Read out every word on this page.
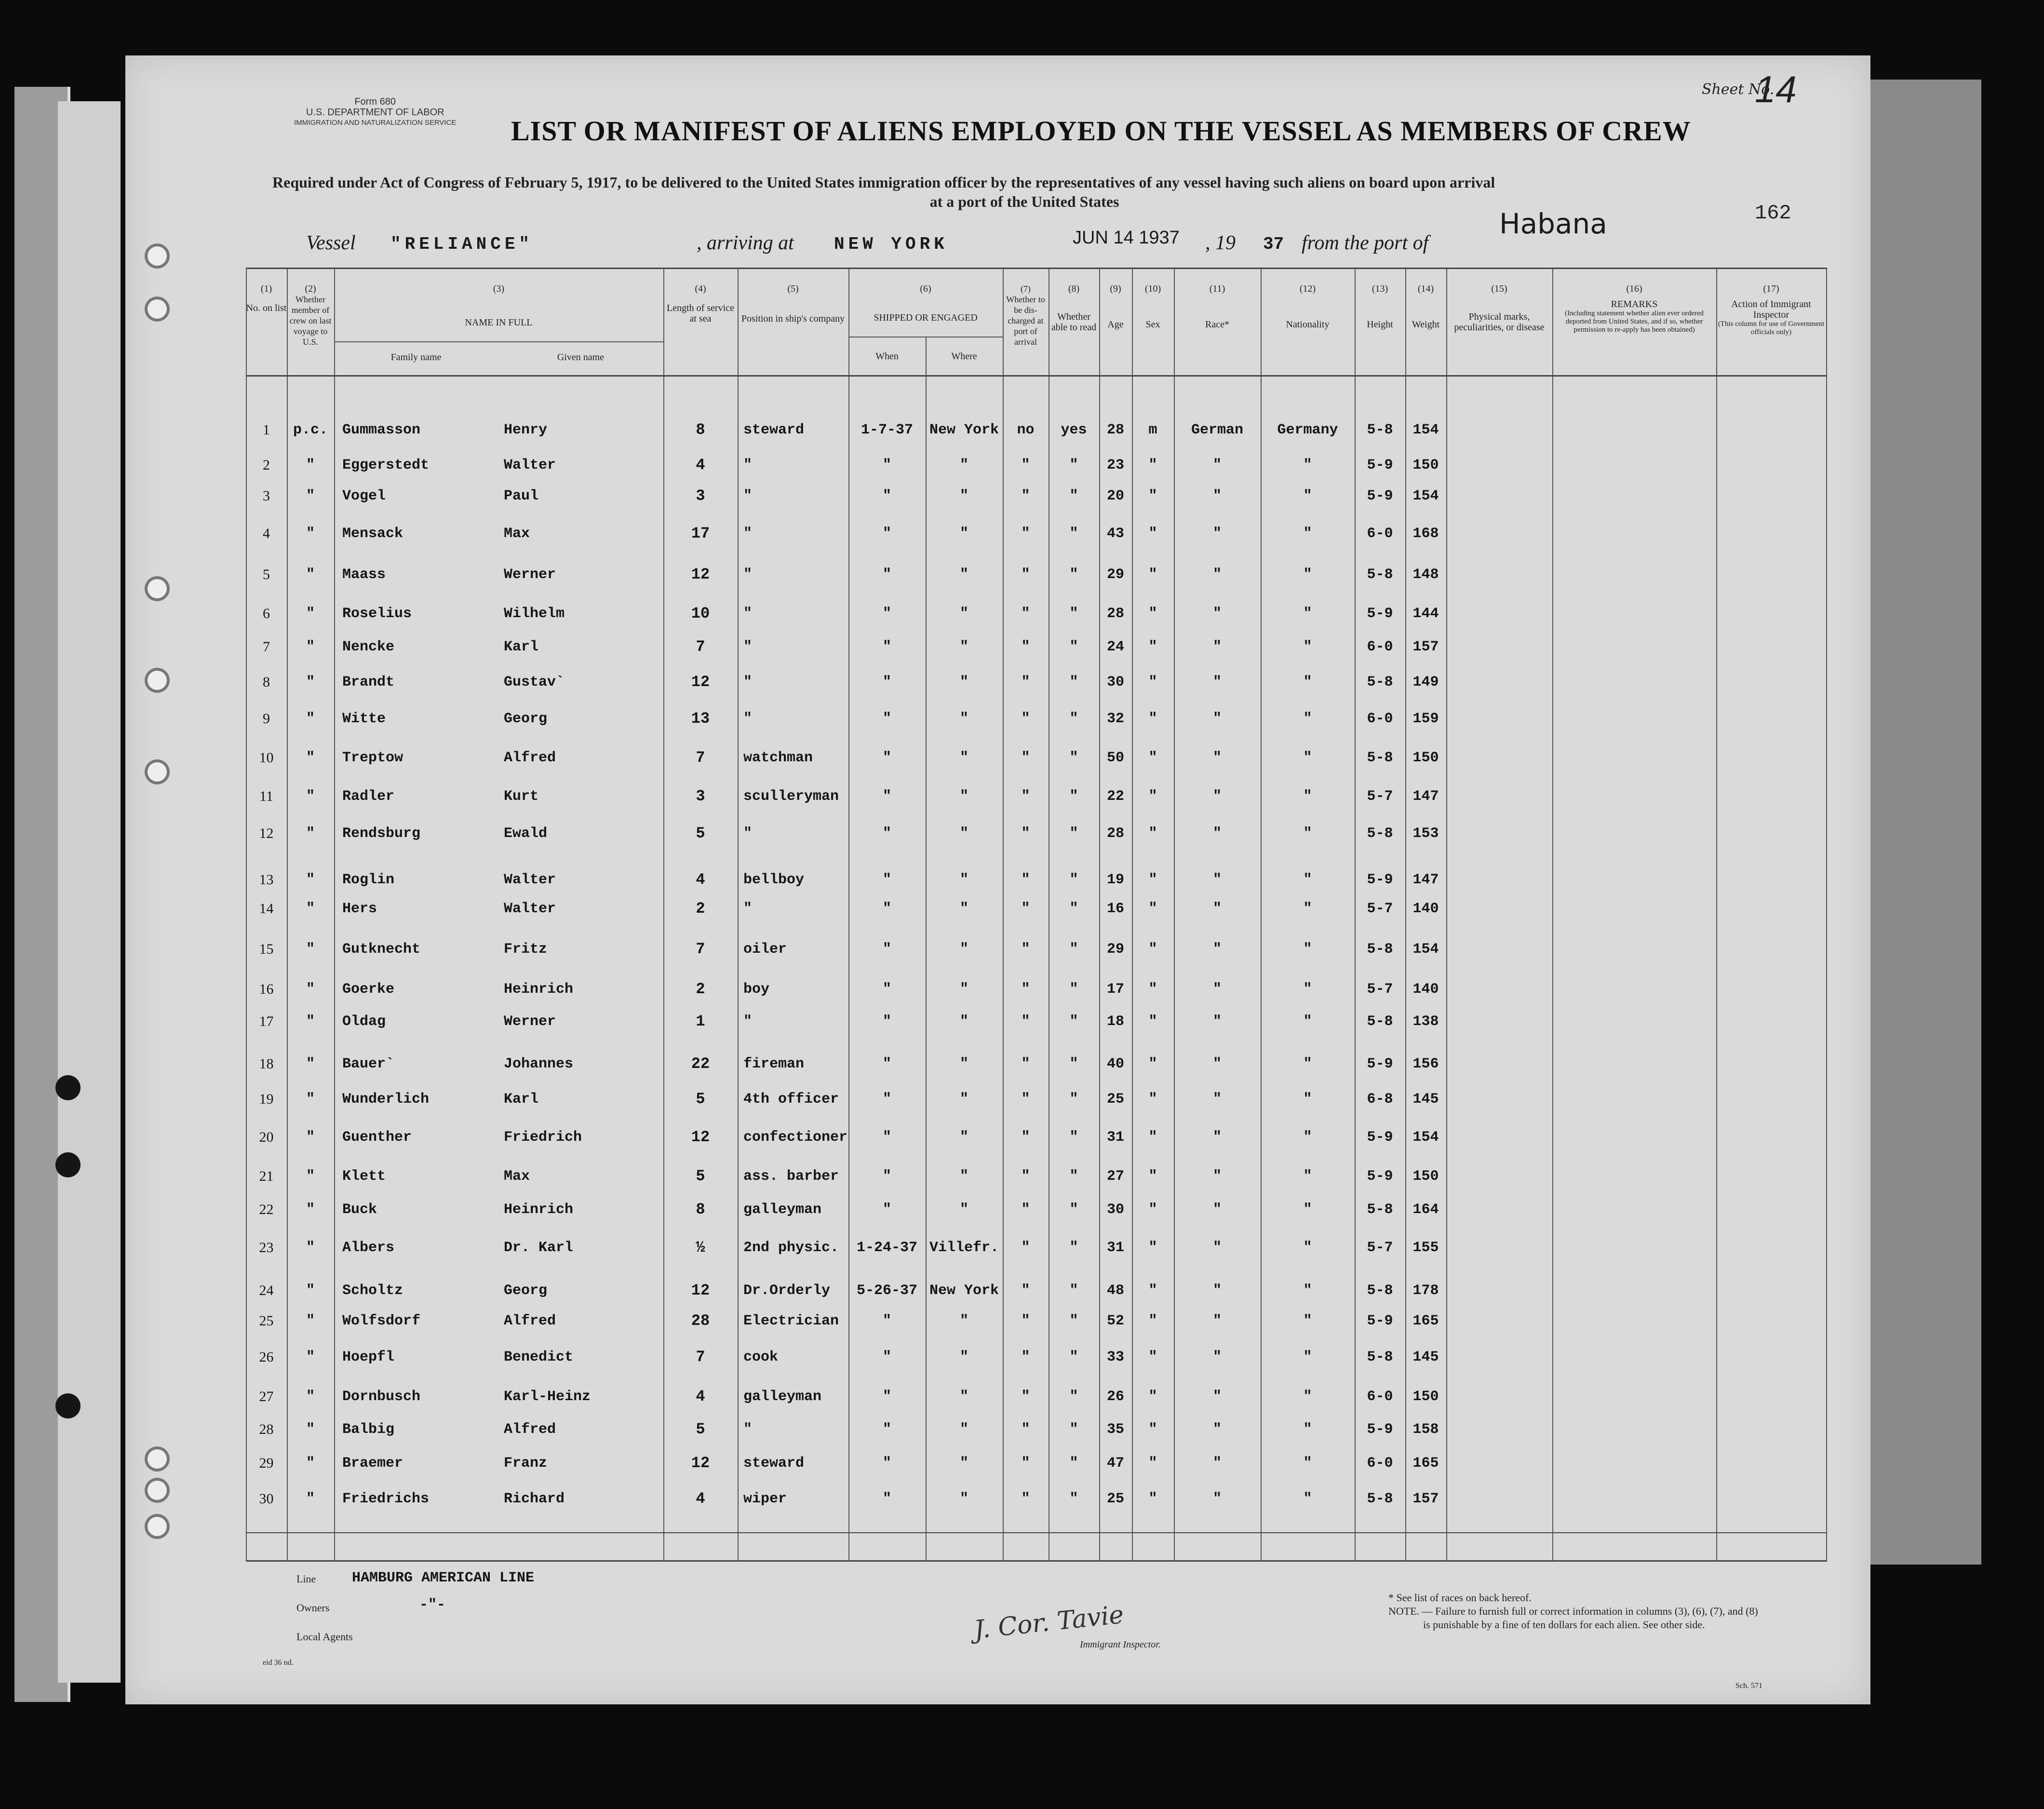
Form 680
U.S. DEPARTMENT OF LABOR
IMMIGRATION AND NATURALIZATION SERVICE LIST OR MANIFEST OF ALIENS EMPLOYED ON THE VESSEL AS MEMBERS OF CREW
Required under Act of Congress of February 5, 1917, to be delivered to the United States immigration officer by the representatives of any vessel having such aliens on board upon arrival
at a port of the United States
Sheet No.
14
162
Vessel "RELIANCE"	, arriving at NEW YORK	JUN 14 1937 , 19 37 from the port of
Habana
(1)
No. on list
(2)
Whether member of crew on last voyage to U.S.
(3)
NAME IN FULL
Family name	Given name
(4)
Length of service at sea
(5)
Position in ship's company
(6)
SHIPPED OR ENGAGED
When	Where
(7)
Whether to be dis-charged at port of arrival
(8)
Whether able to read
(9)
Age
(10)
Sex
(11)
Race*
(12)
Nationality
(13)
Height
(14)
Weight
(15)
Physical marks, peculiarities, or disease
(16)
REMARKS
(Including statement whether alien ever ordered deported from United States, and if so, whether permission to re-apply has been obtained)
(17)
Action of Immigrant Inspector
(This column for use of Government officials only)
1	p.c.	Gummasson	Henry	8	steward	1-7-37	New York	no	yes	28	m	German	Germany	5-8	154
2	"	Eggerstedt	Walter	4	"	"	"	"	"	23	"	"	"	5-9	150
3	"	Vogel	Paul	3	"	"	"	"	"	20	"	"	"	5-9	154
4	"	Mensack	Max	17	"	"	"	"	"	43	"	"	"	6-0	168
5	"	Maass	Werner	12	"	"	"	"	"	29	"	"	"	5-8	148
6	"	Roselius	Wilhelm	10	"	"	"	"	"	28	"	"	"	5-9	144
7	"	Nencke	Karl	7	"	"	"	"	"	24	"	"	"	6-0	157
8	"	Brandt	Gustav`	12	"	"	"	"	"	30	"	"	"	5-8	149
9	"	Witte	Georg	13	"	"	"	"	"	32	"	"	"	6-0	159
10	"	Treptow	Alfred	7	watchman	"	"	"	"	50	"	"	"	5-8	150
11	"	Radler	Kurt	3	sculleryman	"	"	"	"	22	"	"	"	5-7	147
12	"	Rendsburg	Ewald	5	"	"	"	"	"	28	"	"	"	5-8	153
13	"	Roglin	Walter	4	bellboy	"	"	"	"	19	"	"	"	5-9	147
14	"	Hers	Walter	2	"	"	"	"	"	16	"	"	"	5-7	140
15	"	Gutknecht	Fritz	7	oiler	"	"	"	"	29	"	"	"	5-8	154
16	"	Goerke	Heinrich	2	boy	"	"	"	"	17	"	"	"	5-7	140
17	"	Oldag	Werner	1	"	"	"	"	"	18	"	"	"	5-8	138
18	"	Bauer`	Johannes	22	fireman	"	"	"	"	40	"	"	"	5-9	156
19	"	Wunderlich	Karl	5	4th officer	"	"	"	"	25	"	"	"	6-8	145
20	"	Guenther	Friedrich	12	confectioner	"	"	"	"	31	"	"	"	5-9	154
21	"	Klett	Max	5	ass. barber	"	"	"	"	27	"	"	"	5-9	150
22	"	Buck	Heinrich	8	galleyman	"	"	"	"	30	"	"	"	5-8	164
23	"	Albers	Dr. Karl	½	2nd physic.	1-24-37 Villefr.	"	"	31	"	"	"	5-7	155
24	"	Scholtz	Georg	12	Dr.Orderly	5-26-37 New York	"	"	48	"	"	"	5-8	178
25	"	Wolfsdorf	Alfred	28	Electrician	"	"	"	"	52	"	"	"	5-9	165
26	"	Hoepfl	Benedict	7	cook	"	"	"	"	33	"	"	"	5-8	145
27	"	Dornbusch	Karl-Heinz	4	galleyman	"	"	"	"	26	"	"	"	6-0	150
28	"	Balbig	Alfred	5	"	"	"	"	"	35	"	"	"	5-9	158
29	"	Braemer	Franz	12	steward	"	"	"	"	47	"	"	"	6-0	165
30	"	Friedrichs	Richard	4	wiper	"	"	"	"	25	"	"	"	5-8	157
Line HAMBURG AMERICAN LINE
Owners	-"-
Local Agents	J. Cor. Tavie
Immigrant Inspector.
* See list of races on back hereof.
NOTE. — Failure to furnish full or correct information in columns (3), (6), (7), and (8)
is punishable by a fine of ten dollars for each alien. See other side.
eid 36 nd.
Sch. 571
